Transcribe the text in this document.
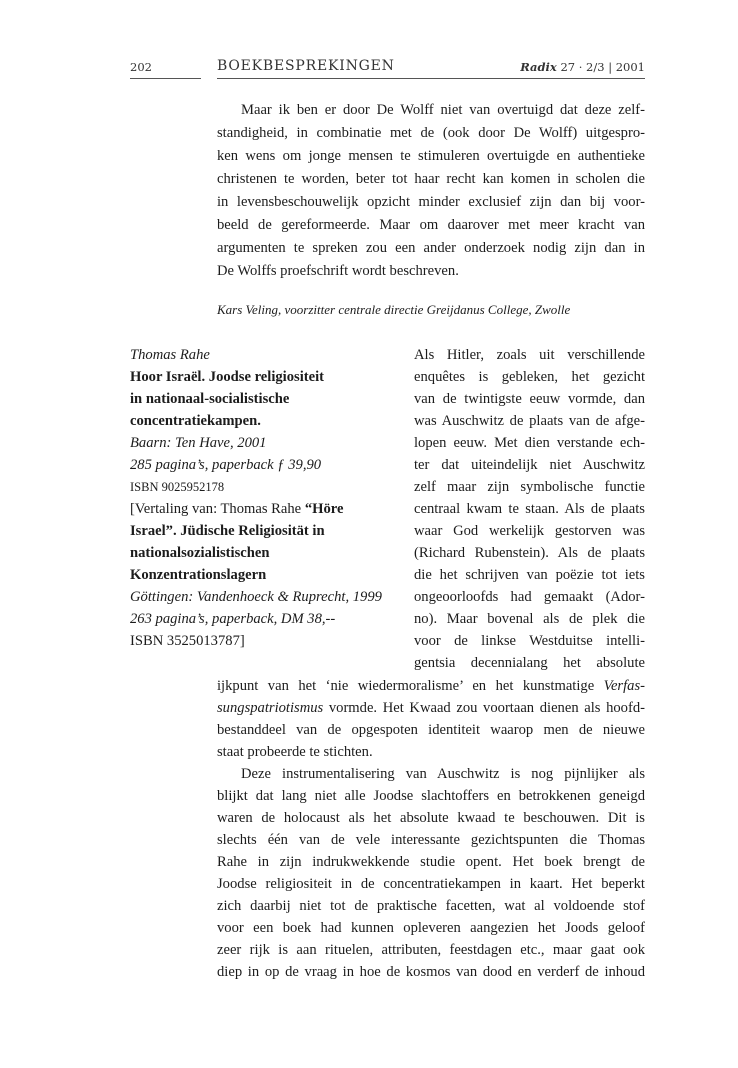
202	BOEKBESPREKINGEN	Radix 27 · 2/3 | 2001
Maar ik ben er door De Wolff niet van overtuigd dat deze zelf-
standigheid, in combinatie met de (ook door De Wolff) uitgespro-
ken wens om jonge mensen te stimuleren overtuigde en authentieke
christenen te worden, beter tot haar recht kan komen in scholen die
in levensbeschouwelijk opzicht minder exclusief zijn dan bij voor-
beeld de gereformeerde. Maar om daarover met meer kracht van
argumenten te spreken zou een ander onderzoek nodig zijn dan in
De Wolffs proefschrift wordt beschreven.
Kars Veling, voorzitter centrale directie Greijdanus College, Zwolle
Thomas Rahe
Hoor Israël. Joodse religiositeit
in nationaal-socialistische
concentratiekampen.
Baarn: Ten Have, 2001
285 pagina’s, paperback ƒ 39,90
ISBN 9025952178
[Vertaling van: Thomas Rahe “Höre
Israel”. Jüdische Religiosität in
nationalsozialistischen
Konzentrationslagern
Göttingen: Vandenhoeck & Ruprecht, 1999
263 pagina’s, paperback, DM 38,--
ISBN 3525013787]
Als Hitler, zoals uit verschillende
enquêtes is gebleken, het gezicht
van de twintigste eeuw vormde, dan
was Auschwitz de plaats van de afge-
lopen eeuw. Met dien verstande ech-
ter dat uiteindelijk niet Auschwitz
zelf maar zijn symbolische functie
centraal kwam te staan. Als de plaats
waar God werkelijk gestorven was
(Richard Rubenstein). Als de plaats
die het schrijven van poëzie tot iets
ongeoorloofds had gemaakt (Ador-
no). Maar bovenal als de plek die
voor de linkse Westduitse intelli-
gentsia decennialang het absolute
ijkpunt van het ‘nie wiedermoralisme’ en het kunstmatige Verfas-
sungspatriotismus vormde. Het Kwaad zou voortaan dienen als hoofd-
bestanddeel van de opgespoten identiteit waarop men de nieuwe
staat probeerde te stichten.
Deze instrumentalisering van Auschwitz is nog pijnlijker als
blijkt dat lang niet alle Joodse slachtoffers en betrokkenen geneigd
waren de holocaust als het absolute kwaad te beschouwen. Dit is
slechts één van de vele interessante gezichtspunten die Thomas
Rahe in zijn indrukwekkende studie opent. Het boek brengt de
Joodse religiositeit in de concentratiekampen in kaart. Het beperkt
zich daarbij niet tot de praktische facetten, wat al voldoende stof
voor een boek had kunnen opleveren aangezien het Joods geloof
zeer rijk is aan rituelen, attributen, feestdagen etc., maar gaat ook
diep in op de vraag in hoe de kosmos van dood en verderf de inhoud
